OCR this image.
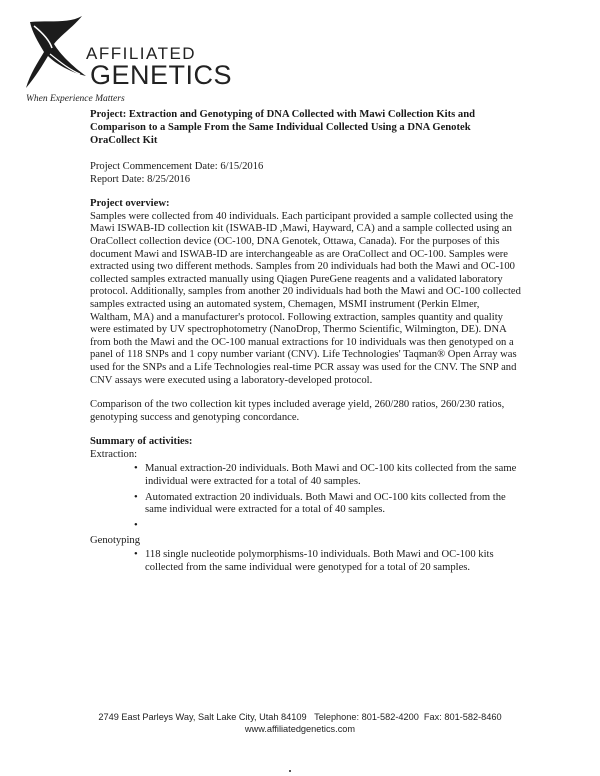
AFFILIATED
GENETICS
When Experience Matters

Project: Extraction and Genotyping of DNA Collected with Mawi Collection Kits and Comparison to a Sample From the Same Individual Collected Using a DNA Genotek OraCollect Kit

Project Commencement Date: 6/15/2016
Report Date: 8/25/2016
Project overview:

Samples were collected from 40 individuals. Each participant provided a sample collected using the Mawi ISWAB-ID collection kit (ISWAB-ID ,Mawi, Hayward, CA) and a sample collected using an OraCollect collection device (OC-100, DNA Genotek, Ottawa, Canada). For the purposes of this document Mawi and ISWAB-ID are interchangeable as are OraCollect and OC-100. Samples were extracted using two different methods. Samples from 20 individuals had both the Mawi and OC-100 collected samples extracted manually using Qiagen PureGene reagents and a validated laboratory protocol. Additionally, samples from another 20 individuals had both the Mawi and OC-100 collected samples extracted using an automated system, Chemagen, MSMI instrument (Perkin Elmer, Waltham, MA) and a manufacturer's protocol. Following extraction, samples quantity and quality were estimated by UV spectrophotometry (NanoDrop, Thermo Scientific, Wilmington, DE). DNA from both the Mawi and the OC-100 manual extractions for 10 individuals was then genotyped on a panel of 118 SNPs and 1 copy number variant (CNV). Life Technologies' Taqman® Open Array was used for the SNPs and a Life Technologies real-time PCR assay was used for the CNV. The SNP and CNV assays were executed using a laboratory-developed protocol.

Comparison of the two collection kit types included average yield, 260/280 ratios, 260/230 ratios, genotyping success and genotyping concordance.

Summary of activities:
Extraction:
• Manual extraction-20 individuals. Both Mawi and OC-100 kits collected from the same individual were extracted for a total of 40 samples.
• Automated extraction 20 individuals. Both Mawi and OC-100 kits collected from the same individual were extracted for a total of 40 samples.
•
Genotyping
• 118 single nucleotide polymorphisms-10 individuals. Both Mawi and OC-100 kits collected from the same individual were genotyped for a total of 20 samples.
2749 East Parleys Way, Salt Lake City, Utah 84109   Telephone: 801-582-4200  Fax: 801-582-8460
www.affiliatedgenetics.com
